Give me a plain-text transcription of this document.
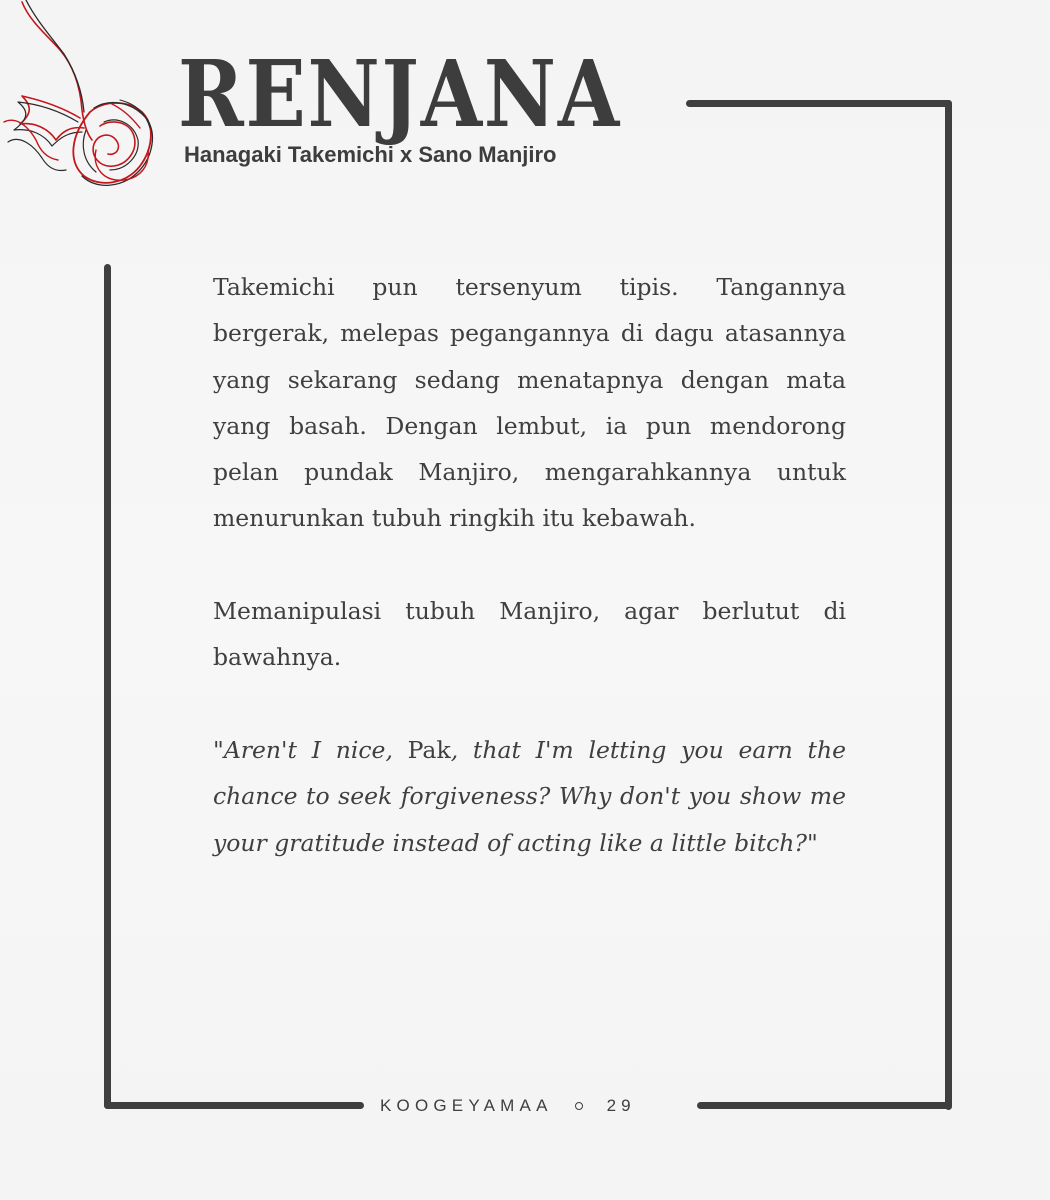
RENJANA
Hanagaki Takemichi x Sano Manjiro

Takemichi pun tersenyum tipis. Tangannya bergerak, melepas pegangannya di dagu atasannya yang sekarang sedang menatapnya dengan mata yang basah. Dengan lembut, ia pun mendorong pelan pundak Manjiro, mengarahkannya untuk menurunkan tubuh ringkih itu kebawah.

Memanipulasi tubuh Manjiro, agar berlutut di bawahnya.

"Aren't I nice, Pak, that I'm letting you earn the chance to seek forgiveness? Why don't you show me your gratitude instead of acting like a little bitch?"

KOOGEYAMAA	29
